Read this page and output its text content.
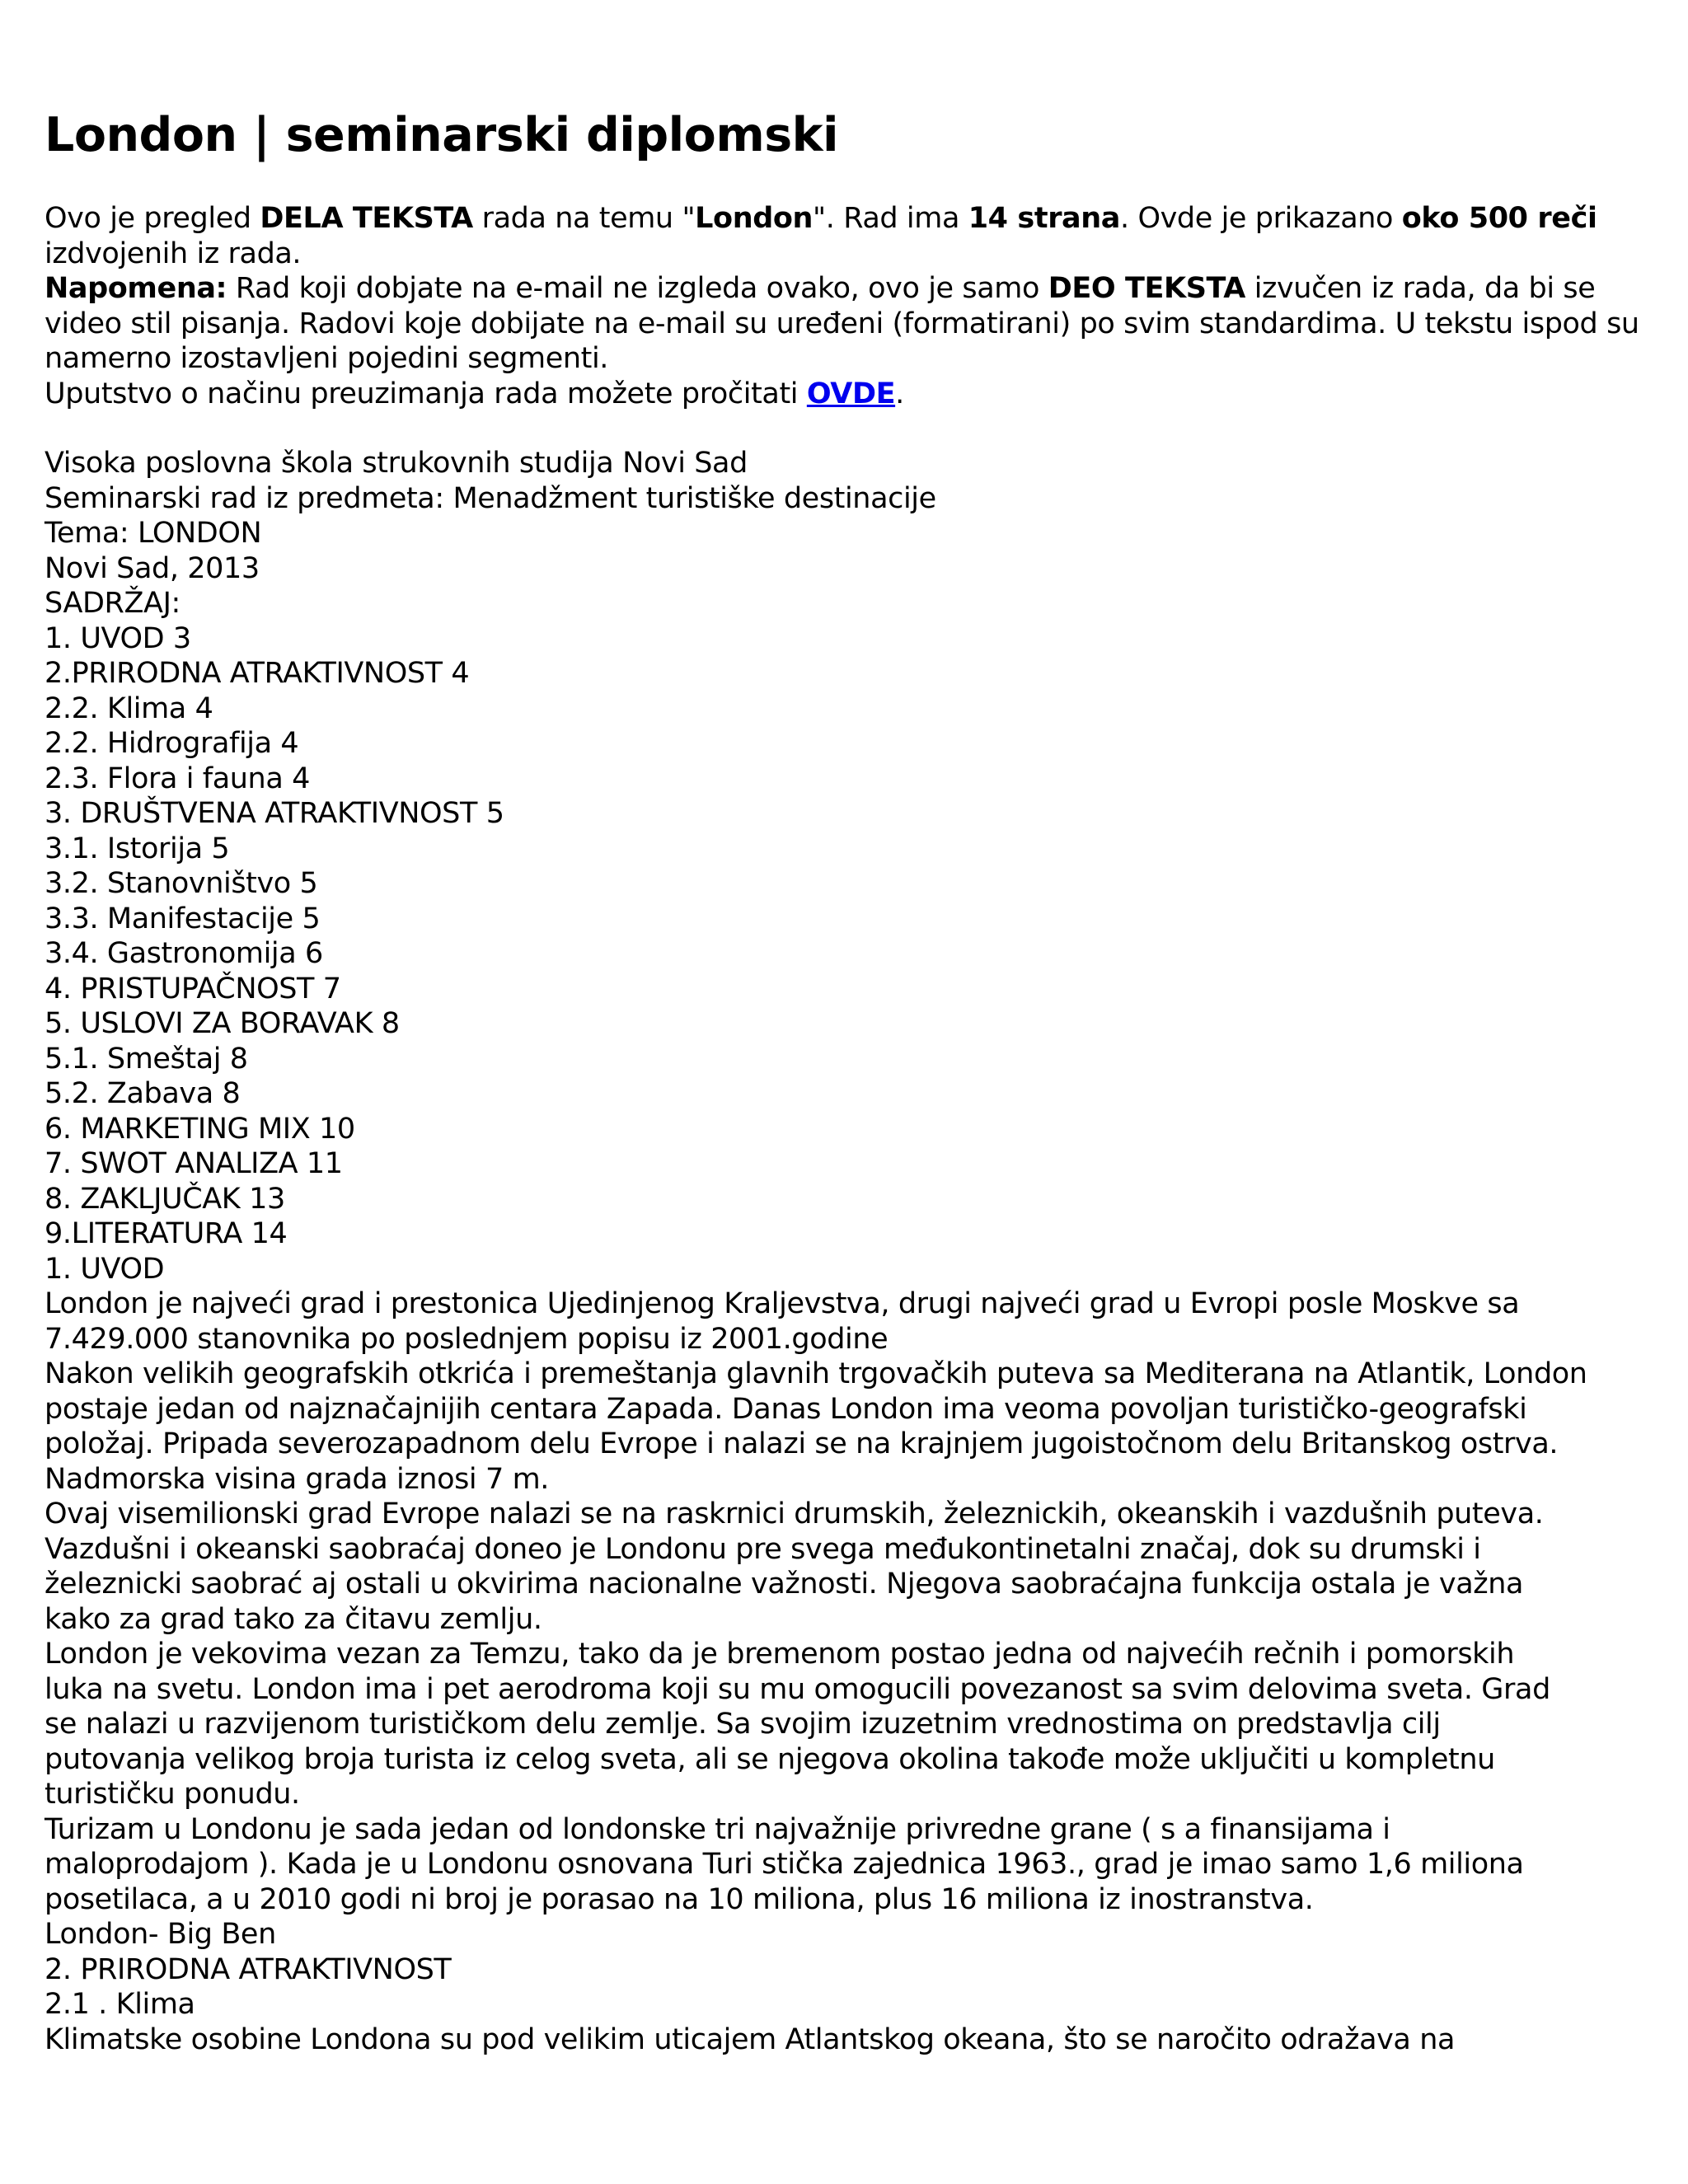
London | seminarski diplomski

Ovo je pregled DELA TEKSTA rada na temu "London". Rad ima 14 strana. Ovde je prikazano oko 500 reči izdvojenih iz rada.

Napomena: Rad koji dobjate na e-mail ne izgleda ovako, ovo je samo DEO TEKSTA izvučen iz rada, da bi se video stil pisanja. Radovi koje dobijate na e-mail su uređeni (formatirani) po svim standardima. U tekstu ispod su namerno izostavljeni pojedini segmenti.

Uputstvo o načinu preuzimanja rada možete pročitati OVDE.

Visoka poslovna škola strukovnih studija Novi Sad

Seminarski rad iz predmeta: Menadžment turistiške destinacije

Tema: LONDON

Novi Sad, 2013

SADRŽAJ:

1. UVOD 3

2.PRIRODNA ATRAKTIVNOST 4

2.2. Klima 4

2.2. Hidrografija 4

2.3. Flora i fauna 4

3. DRUŠTVENA ATRAKTIVNOST 5

3.1. Istorija 5

3.2. Stanovništvo 5

3.3. Manifestacije 5

3.4. Gastronomija 6

4. PRISTUPAČNOST 7

5. USLOVI ZA BORAVAK 8

5.1. Smeštaj 8

5.2. Zabava 8

6. MARKETING MIX 10

7. SWOT ANALIZA 11

8. ZAKLJUČAK 13

9.LITERATURA 14

1. UVOD

London je najveći grad i prestonica Ujedinjenog Kraljevstva, drugi najveći grad u Evropi posle Moskve sa

7.429.000 stanovnika po poslednjem popisu iz 2001.godine

Nakon velikih geografskih otkrića i premeštanja glavnih trgovačkih puteva sa Mediterana na Atlantik, London

postaje jedan od najznačajnijih centara Zapada. Danas London ima veoma povoljan turističko-geografski

položaj. Pripada severozapadnom delu Evrope i nalazi se na krajnjem jugoistočnom delu Britanskog ostrva.

Nadmorska visina grada iznosi 7 m.

Ovaj visemilionski grad Evrope nalazi se na raskrnici drumskih, železnickih, okeanskih i vazdušnih puteva.

Vazdušni i okeanski saobraćaj doneo je Londonu pre svega međukontinetalni značaj, dok su drumski i

železnicki saobrać aj ostali u okvirima nacionalne važnosti. Njegova saobraćajna funkcija ostala je važna

kako za grad tako za čitavu zemlju.

London je vekovima vezan za Temzu, tako da je bremenom postao jedna od najvećih rečnih i pomorskih

luka na svetu. London ima i pet aerodroma koji su mu omogucili povezanost sa svim delovima sveta. Grad

se nalazi u razvijenom turističkom delu zemlje. Sa svojim izuzetnim vrednostima on predstavlja cilj

putovanja velikog broja turista iz celog sveta, ali se njegova okolina takođe može uključiti u kompletnu

turističku ponudu.

Turizam u Londonu je sada jedan od londonske tri najvažnije privredne grane ( s a finansijama i

maloprodajom ). Kada je u Londonu osnovana Turi stička zajednica 1963., grad je imao samo 1,6 miliona

posetilaca, a u 2010 godi ni broj je porasao na 10 miliona, plus 16 miliona iz inostranstva.

London- Big Ben

2. PRIRODNA ATRAKTIVNOST

2.1 . Klima

Klimatske osobine Londona su pod velikim uticajem Atlantskog okeana, što se naročito odražava na
